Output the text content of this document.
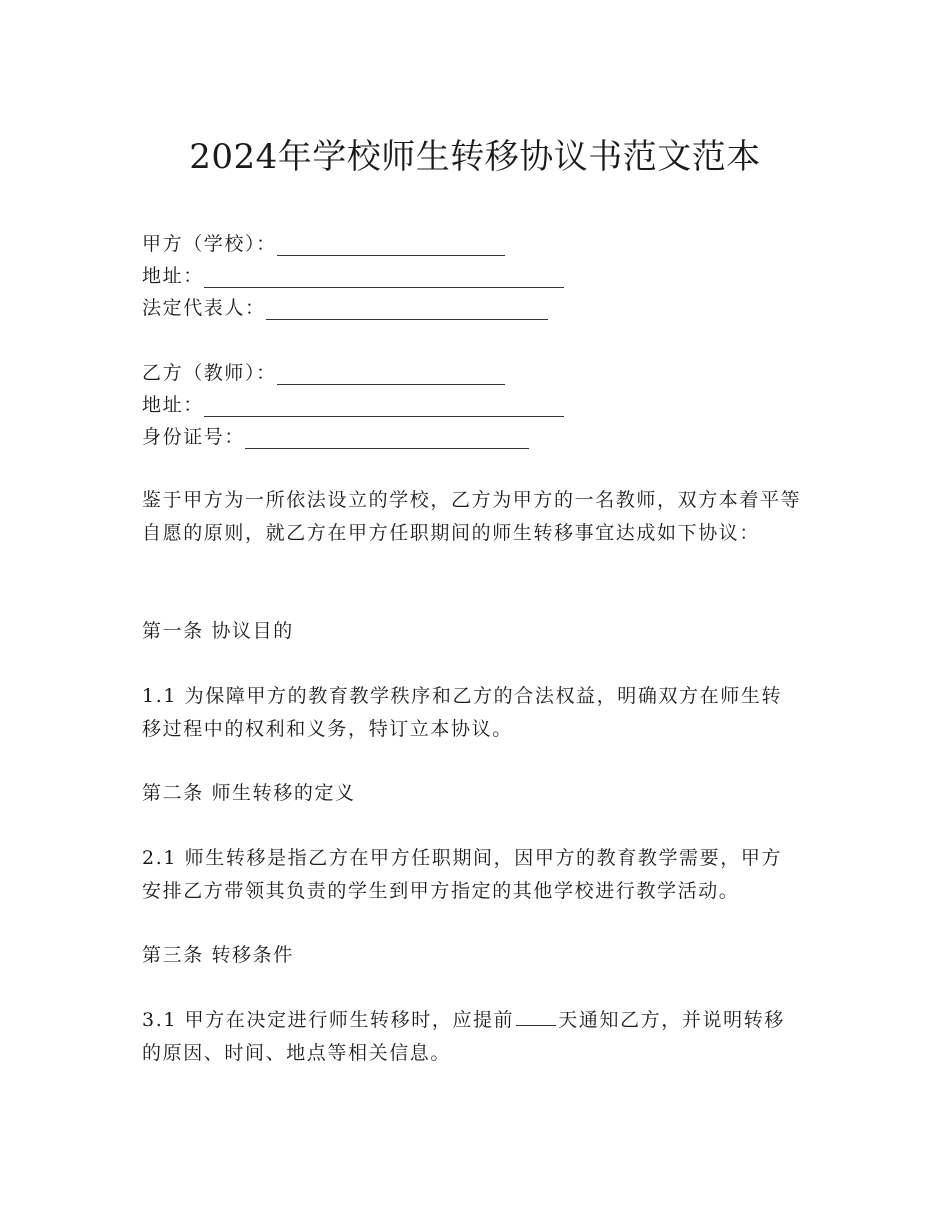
2024年学校师生转移协议书范文范本
甲方（学校）：
地址：
法定代表人：
乙方（教师）：
地址：
身份证号：

鉴于甲方为一所依法设立的学校，乙方为甲方的一名教师，双方本着平等自愿的原则，就乙方在甲方任职期间的师生转移事宜达成如下协议：

第一条 协议目的

1.1 为保障甲方的教育教学秩序和乙方的合法权益，明确双方在师生转移过程中的权利和义务，特订立本协议。

第二条 师生转移的定义

2.1 师生转移是指乙方在甲方任职期间，因甲方的教育教学需要，甲方安排乙方带领其负责的学生到甲方指定的其他学校进行教学活动。

第三条 转移条件

3.1 甲方在决定进行师生转移时，应提前 天通知乙方，并说明转移的原因、时间、地点等相关信息。
